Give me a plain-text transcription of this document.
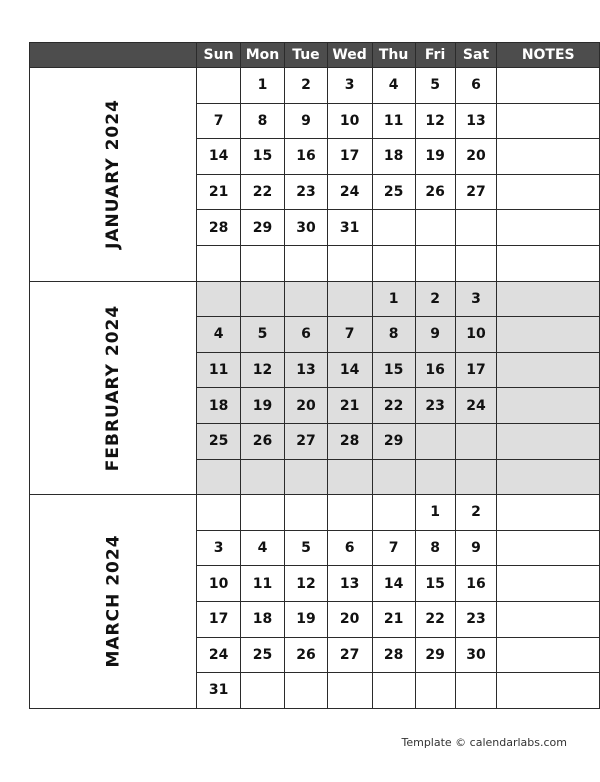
	Sun	Mon	Tue	Wed	Thu	Fri	Sat	NOTES
JANUARY 2024		1	2	3	4	5	6	
	7	8	9	10	11	12	13	
	14	15	16	17	18	19	20	
	21	22	23	24	25	26	27	
	28	29	30	31				

FEBRUARY 2024					1	2	3	
	4	5	6	7	8	9	10	
	11	12	13	14	15	16	17	
	18	19	20	21	22	23	24	
	25	26	27	28	29			

MARCH 2024						1	2	
	3	4	5	6	7	8	9	
	10	11	12	13	14	15	16	
	17	18	19	20	21	22	23	
	24	25	26	27	28	29	30	
	31							
Template © calendarlabs.com
